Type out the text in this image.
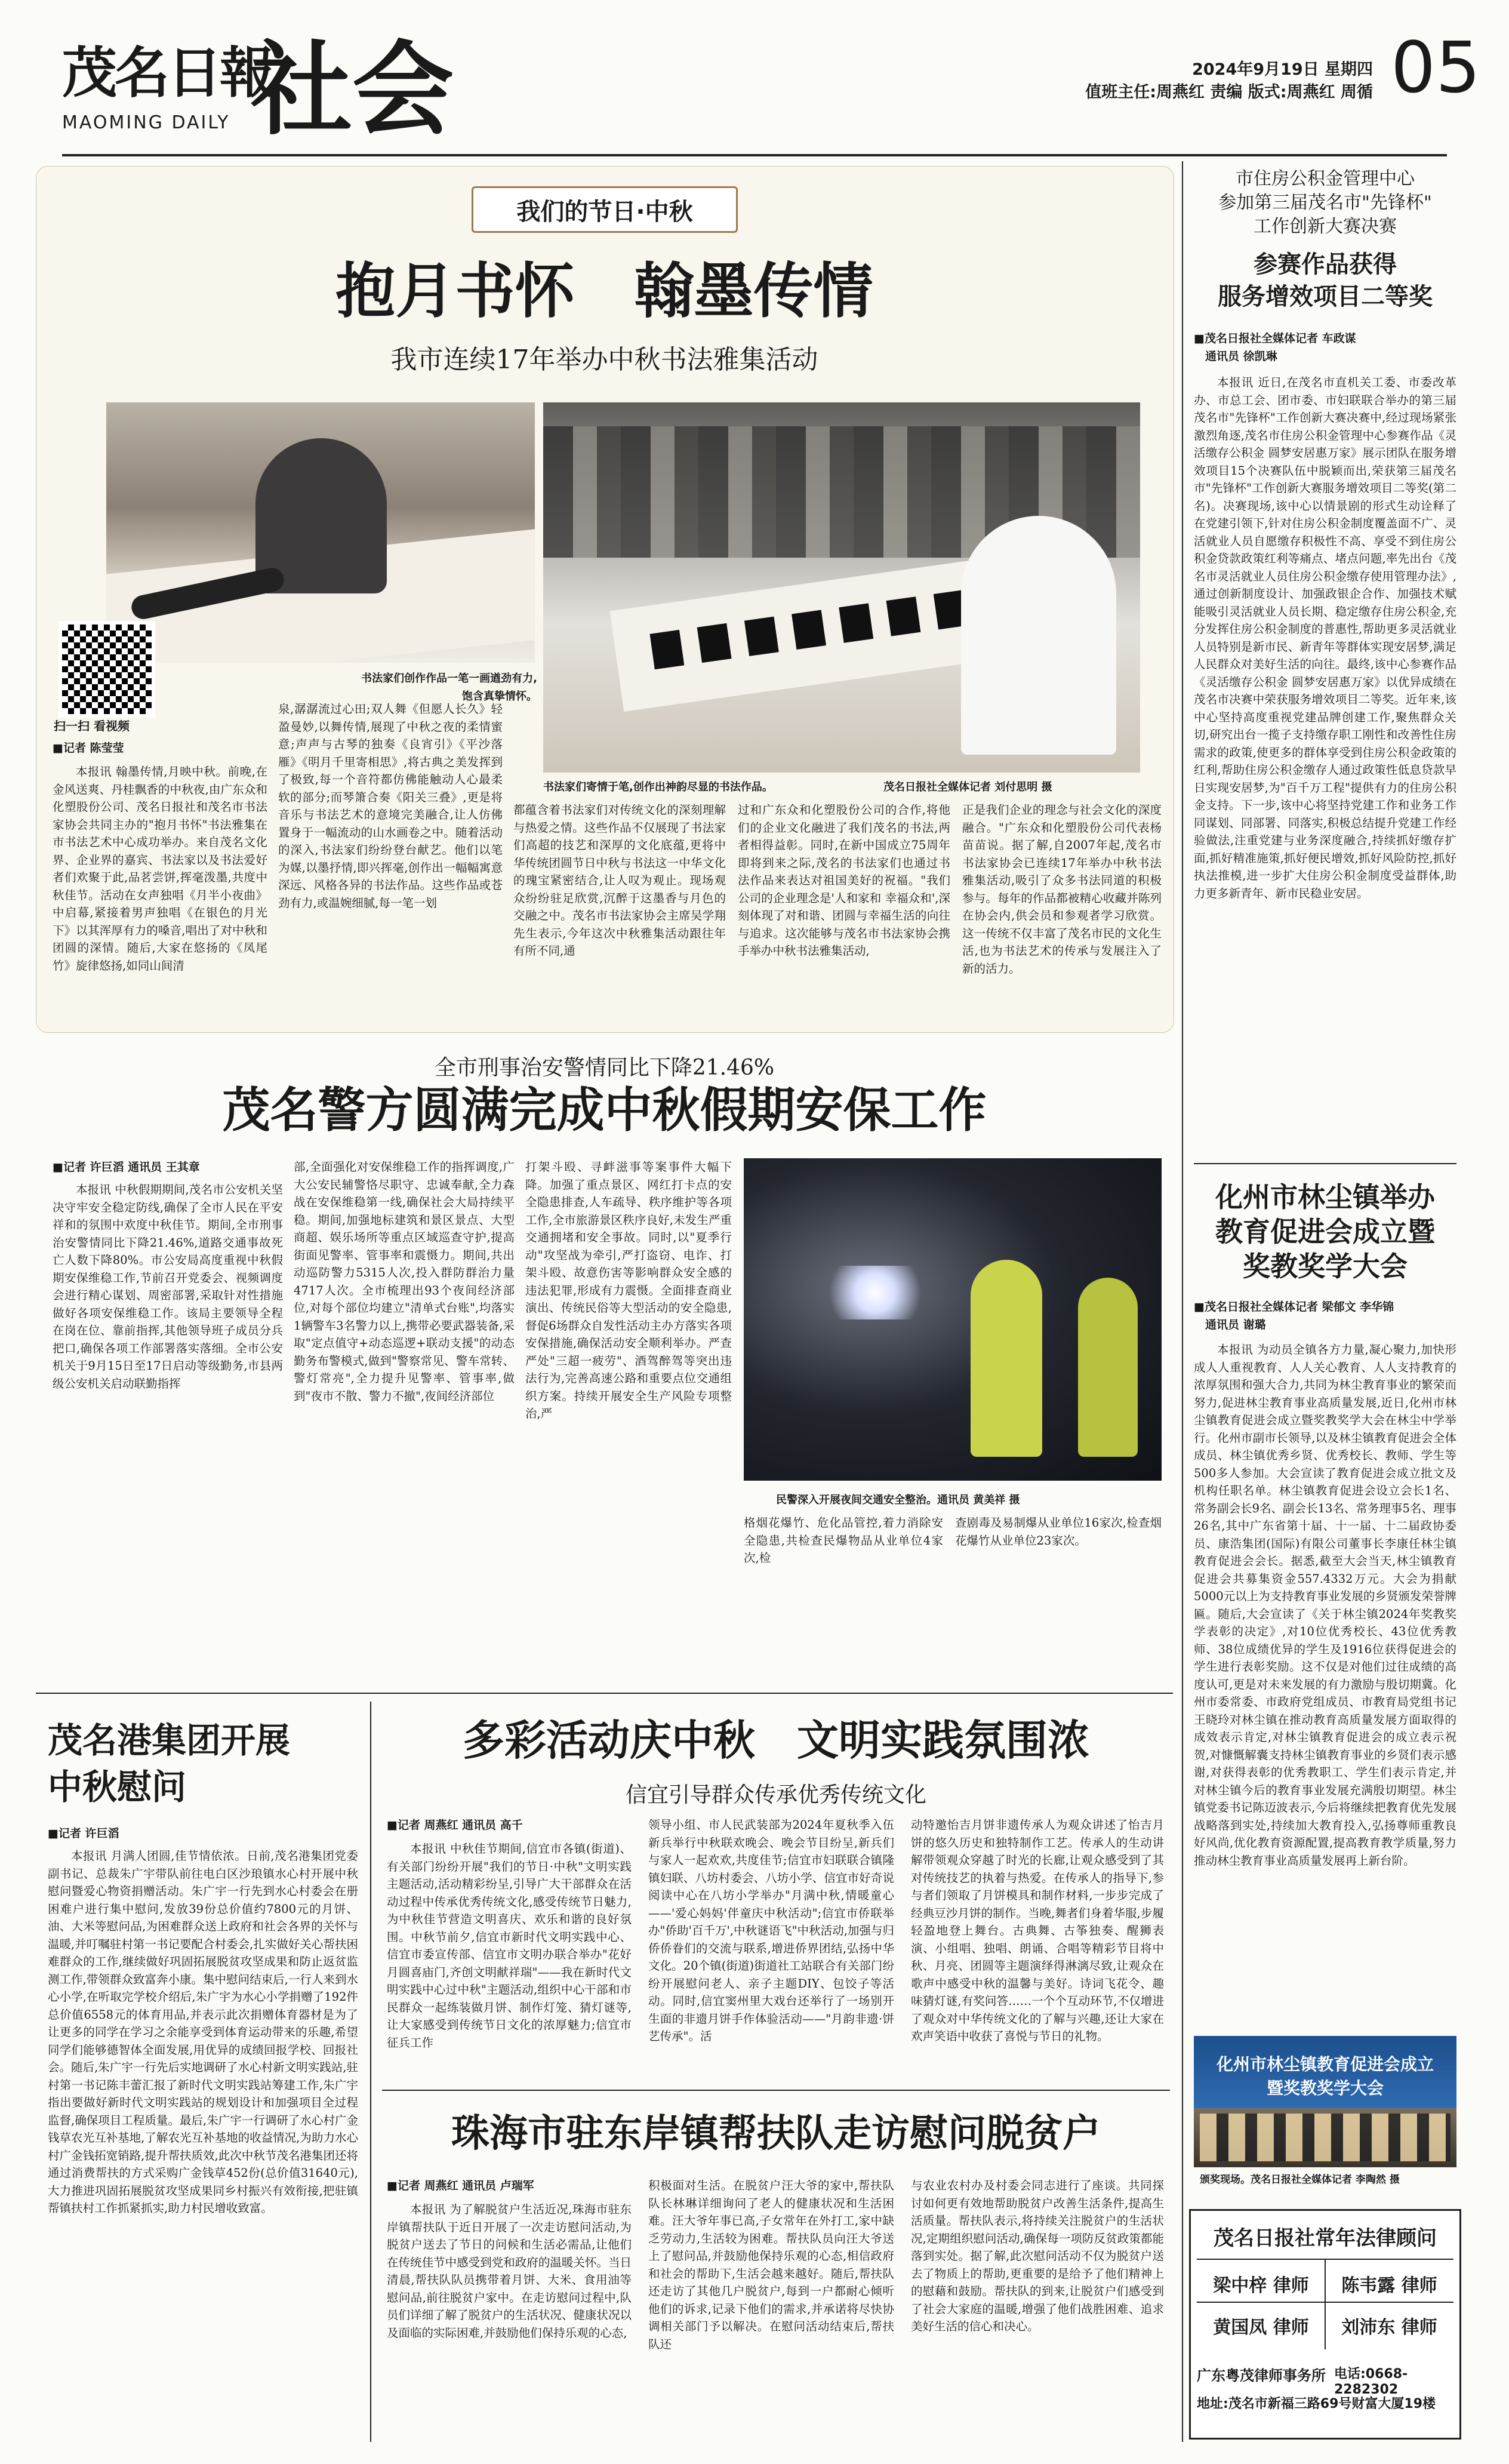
茂名日報
MAOMING DAILY 社会	2024年9月19日 星期四
值班主任:周燕红 责编 版式:周燕红 周循 05
我们的节日·中秋
抱月书怀　翰墨传情
我市连续17年举办中秋书法雅集活动
扫一扫 看视频
书法家们创作作品一笔一画遒劲有力,
饱含真挚情怀。
书法家们寄情于笔,创作出神韵尽显的书法作品。	茂名日报社全媒体记者 刘付思明 摄
■记者 陈莹莹
本报讯 翰墨传情,月映中秋。前晚,在金风送爽、丹桂飘香的中秋夜,由广东众和化塑股份公司、茂名日报社和茂名市书法家协会共同主办的"抱月书怀"书法雅集在市书法艺术中心成功举办。来自茂名文化界、企业界的嘉宾、书法家以及书法爱好者们欢聚于此,品茗尝饼,挥毫泼墨,共度中秋佳节。活动在女声独唱《月半小夜曲》中启幕,紧接着男声独唱《在银色的月光下》以其浑厚有力的嗓音,唱出了对中秋和团圆的深情。随后,大家在悠扬的《凤尾竹》旋律悠扬,如同山间清
泉,潺潺流过心田;双人舞《但愿人长久》轻盈曼妙,以舞传情,展现了中秋之夜的柔情蜜意;声声与古琴的独奏《良宵引》《平沙落雁》《明月千里寄相思》,将古典之美发挥到了极致,每一个音符都仿佛能触动人心最柔软的部分;而琴箫合奏《阳关三叠》,更是将音乐与书法艺术的意境完美融合,让人仿佛置身于一幅流动的山水画卷之中。随着活动的深入,书法家们纷纷登台献艺。他们以笔为媒,以墨抒情,即兴挥毫,创作出一幅幅寓意深远、风格各异的书法作品。这些作品或苍劲有力,或温婉细腻,每一笔一划
都蕴含着书法家们对传统文化的深刻理解与热爱之情。这些作品不仅展现了书法家们高超的技艺和深厚的文化底蕴,更将中华传统团圆节日中秋与书法这一中华文化的瑰宝紧密结合,让人叹为观止。现场观众纷纷驻足欣赏,沉醉于这墨香与月色的交融之中。茂名市书法家协会主席吴学翔先生表示,今年这次中秋雅集活动跟往年有所不同,通
过和广东众和化塑股份公司的合作,将他们的企业文化融进了我们茂名的书法,两者相得益彰。同时,在新中国成立75周年即将到来之际,茂名的书法家们也通过书法作品来表达对祖国美好的祝福。"我们公司的企业理念是'人和家和 幸福众和',深刻体现了对和谐、团圆与幸福生活的向往与追求。这次能够与茂名市书法家协会携手举办中秋书法雅集活动,
正是我们企业的理念与社会文化的深度融合。"广东众和化塑股份公司代表杨苗苗说。据了解,自2007年起,茂名市书法家协会已连续17年举办中秋书法雅集活动,吸引了众多书法同道的积极参与。每年的作品都被精心收藏并陈列在协会内,供会员和参观者学习欣赏。这一传统不仅丰富了茂名市民的文化生活,也为书法艺术的传承与发展注入了新的活力。
全市刑事治安警情同比下降21.46%
茂名警方圆满完成中秋假期安保工作
■记者 许巨滔 通讯员 王其章
本报讯 中秋假期期间,茂名市公安机关坚决守牢安全稳定防线,确保了全市人民在平安祥和的氛围中欢度中秋佳节。期间,全市刑事治安警情同比下降21.46%,道路交通事故死亡人数下降80%。市公安局高度重视中秋假期安保维稳工作,节前召开党委会、视频调度会进行精心谋划、周密部署,采取针对性措施做好各项安保维稳工作。该局主要领导全程在岗在位、靠前指挥,其他领导班子成员分兵把口,确保各项工作部署落实落细。全市公安机关于9月15日至17日启动等级勤务,市县两级公安机关启动联勤指挥
部,全面强化对安保维稳工作的指挥调度,广大公安民辅警恪尽职守、忠诚奉献,全力森战在安保维稳第一线,确保社会大局持续平稳。期间,加强地标建筑和景区景点、大型商超、娱乐场所等重点区域巡查守护,提高街面见警率、管事率和震慑力。期间,共出动巡防警力5315人次,投入群防群治力量4717人次。全市梳理出93个夜间经济部位,对每个部位均建立"清单式台账",均落实1辆警车3名警力以上,携带必要武器装备,采取"定点值守+动态巡逻+联动支援"的动态勤务布警模式,做到"警察常见、警车常转、警灯常亮",全力提升见警率、管事率,做到"夜市不散、警力不撤",夜间经济部位
打架斗殴、寻衅滋事等案事件大幅下降。加强了重点景区、网红打卡点的安全隐患排查,人车疏导、秩序维护等各项工作,全市旅游景区秩序良好,未发生严重交通拥堵和安全事故。同时,以"夏季行动"攻坚战为牵引,严打盗窃、电诈、打架斗殴、故意伤害等影响群众安全感的违法犯罪,形成有力震慑。全面排查商业演出、传统民俗等大型活动的安全隐患,督促6场群众自发性活动主办方落实各项安保措施,确保活动安全顺利举办。严查严处"三超一疲劳"、酒驾醉驾等突出违法行为,完善高速公路和重要点位交通组织方案。持续开展安全生产风险专项整治,严
民警深入开展夜间交通安全整治。通讯员 黄美祥 摄
格烟花爆竹、危化品管控,着力消除安全隐患,共检查民爆物品从业单位4家次,检
查剧毒及易制爆从业单位16家次,检查烟花爆竹从业单位23家次。
茂名港集团开展
中秋慰问
■记者 许巨滔
本报讯 月满人团圆,佳节情依浓。日前,茂名港集团党委副书记、总裁朱广宇带队前往电白区沙琅镇水心村开展中秋慰问暨爱心物资捐赠活动。朱广宇一行先到水心村委会在册困难户进行集中慰问,发放39份总价值约7800元的月饼、油、大米等慰问品,为困难群众送上政府和社会各界的关怀与温暖,并叮嘱驻村第一书记要配合村委会,扎实做好关心帮扶困难群众的工作,继续做好巩固拓展脱贫攻坚成果和防止返贫监测工作,带领群众致富奔小康。集中慰问结束后,一行人来到水心小学,在听取完学校介绍后,朱广宇为水心小学捐赠了192件总价值6558元的体育用品,并表示此次捐赠体育器材是为了让更多的同学在学习之余能享受到体育运动带来的乐趣,希望同学们能够德智体全面发展,用优异的成绩回报学校、回报社会。随后,朱广宇一行先后实地调研了水心村新文明实践站,驻村第一书记陈丰蕾汇报了新时代文明实践站筹建工作,朱广宇指出要做好新时代文明实践站的规划设计和加强项目全过程监督,确保项目工程质量。最后,朱广宇一行调研了水心村广金钱草农光互补基地,了解农光互补基地的收益情况,为助力水心村广金钱拓宽销路,提升帮扶质效,此次中秋节茂名港集团还将通过消费帮扶的方式采购广金钱草452份(总价值31640元),大力推进巩固拓展脱贫攻坚成果同乡村振兴有效衔接,把驻镇帮镇扶村工作抓紧抓实,助力村民增收致富。
多彩活动庆中秋　文明实践氛围浓
信宜引导群众传承优秀传统文化
■记者 周燕红 通讯员 高千
本报讯 中秋佳节期间,信宜市各镇(街道)、有关部门纷纷开展"我们的节日·中秋"文明实践主题活动,活动精彩纷呈,引导广大干部群众在活动过程中传承优秀传统文化,感受传统节日魅力,为中秋佳节营造文明喜庆、欢乐和谐的良好氛围。中秋节前夕,信宜市新时代文明实践中心、信宜市委宣传部、信宜市文明办联合举办"花好月圆喜庙门,齐创文明献祥瑞"——我在新时代文明实践中心过中秋"主题活动,组织中心干部和市民群众一起练装做月饼、制作灯笼、猜灯谜等,让大家感受到传统节日文化的浓厚魅力;信宜市征兵工作
领导小组、市人民武装部为2024年夏秋季入伍新兵举行中秋联欢晚会、晚会节目纷呈,新兵们与家人一起欢欢,共度佳节;信宜市妇联联合镇隆镇妇联、八坊村委会、八坊小学、信宜市好奇说阅读中心在八坊小学举办"月满中秋,情暖童心——'爱心妈妈'伴童庆中秋活动";信宜市侨联举办"侨助'百千万',中秋谜语飞"中秋活动,加强与归侨侨眷们的交流与联系,增进侨界团结,弘扬中华文化。20个镇(街道)街道社工站联合有关部门纷纷开展慰问老人、亲子主题DIY、包饺子等活动。同时,信宜窦州里大戏台还举行了一场别开生面的非遗月饼手作体验活动——"月韵非遗·饼艺传承"。活
动特邀怡吉月饼非遗传承人为观众讲述了怡吉月饼的悠久历史和独特制作工艺。传承人的生动讲解带领观众穿越了时光的长廊,让观众感受到了其对传统技艺的执着与热爱。在传承人的指导下,参与者们领取了月饼模具和制作材料,一步步完成了经典豆沙月饼的制作。当晚,舞者们身着华服,步履轻盈地登上舞台。古典舞、古筝独奏、醒狮表演、小组唱、独唱、朗诵、合唱等精彩节目将中秋、月亮、团圆等主题演绎得淋漓尽致,让观众在歌声中感受中秋的温馨与美好。诗词飞花令、趣味猜灯谜,有奖问答……一个个互动环节,不仅增进了观众对中华传统文化的了解与兴趣,还让大家在欢声笑语中收获了喜悦与节日的礼物。
珠海市驻东岸镇帮扶队走访慰问脱贫户
■记者 周燕红 通讯员 卢瑞军
本报讯 为了解脱贫户生活近况,珠海市驻东岸镇帮扶队于近日开展了一次走访慰问活动,为脱贫户送去了节日的问候和生活必需品,让他们在传统佳节中感受到党和政府的温暖关怀。当日清晨,帮扶队队员携带着月饼、大米、食用油等慰问品,前往脱贫户家中。在走访慰问过程中,队员们详细了解了脱贫户的生活状况、健康状况以及面临的实际困难,并鼓励他们保持乐观的心态,
积极面对生活。在脱贫户汪大爷的家中,帮扶队队长林琳详细询问了老人的健康状况和生活困难。汪大爷年事已高,子女常年在外打工,家中缺乏劳动力,生活较为困难。帮扶队员向汪大爷送上了慰问品,并鼓励他保持乐观的心态,相信政府和社会的帮助下,生活会越来越好。随后,帮扶队还走访了其他几户脱贫户,每到一户都耐心倾听他们的诉求,记录下他们的需求,并承诺将尽快协调相关部门予以解决。在慰问活动结束后,帮扶队还
与农业农村办及村委会同志进行了座谈。共同探讨如何更有效地帮助脱贫户改善生活条件,提高生活质量。帮扶队表示,将持续关注脱贫户的生活状况,定期组织慰问活动,确保每一项防反贫政策都能落到实处。据了解,此次慰问活动不仅为脱贫户送去了物质上的帮助,更重要的是给予了他们精神上的慰藉和鼓励。帮扶队的到来,让脱贫户们感受到了社会大家庭的温暖,增强了他们战胜困难、追求美好生活的信心和决心。
市住房公积金管理中心
参加第三届茂名市"先锋杯"
工作创新大赛决赛
参赛作品获得
服务增效项目二等奖
■茂名日报社全媒体记者 车政谋
　通讯员 徐凯琳
本报讯 近日,在茂名市直机关工委、市委改革办、市总工会、团市委、市妇联联合举办的第三届茂名市"先锋杯"工作创新大赛决赛中,经过现场紧张激烈角逐,茂名市住房公积金管理中心参赛作品《灵活缴存公积金 圆梦安居惠万家》展示团队在服务增效项目15个决赛队伍中脱颖而出,荣获第三届茂名市"先锋杯"工作创新大赛服务增效项目二等奖(第二名)。决赛现场,该中心以情景剧的形式生动诠释了在党建引领下,针对住房公积金制度覆盖面不广、灵活就业人员自愿缴存积极性不高、享受不到住房公积金贷款政策红利等痛点、堵点问题,率先出台《茂名市灵活就业人员住房公积金缴存使用管理办法》,通过创新制度设计、加强政银企合作、加强技术赋能吸引灵活就业人员长期、稳定缴存住房公积金,充分发挥住房公积金制度的普惠性,帮助更多灵活就业人员特别是新市民、新青年等群体实现安居梦,满足人民群众对美好生活的向往。最终,该中心参赛作品《灵活缴存公积金 圆梦安居惠万家》以优异成绩在茂名市决赛中荣获服务增效项目二等奖。近年来,该中心坚持高度重视党建品牌创建工作,聚焦群众关切,研究出台一揽子支持缴存职工刚性和改善性住房需求的政策,使更多的群体享受到住房公积金政策的红利,帮助住房公积金缴存人通过政策性低息贷款早日实现安居梦,为"百千万工程"提供有力的住房公积金支持。下一步,该中心将坚持党建工作和业务工作同谋划、同部署、同落实,积极总结提升党建工作经验做法,注重党建与业务深度融合,持续抓好缴存扩面,抓好精准施策,抓好便民增效,抓好风险防控,抓好执法推模,进一步扩大住房公积金制度受益群体,助力更多新青年、新市民稳业安居。
化州市林尘镇举办
教育促进会成立暨
奖教奖学大会
■茂名日报社全媒体记者 梁郁文 李华锦
　通讯员 谢璐
本报讯 为动员全镇各方力量,凝心聚力,加快形成人人重视教育、人人关心教育、人人支持教育的浓厚氛围和强大合力,共同为林尘教育事业的繁荣而努力,促进林尘教育事业高质量发展,近日,化州市林尘镇教育促进会成立暨奖教奖学大会在林尘中学举行。化州市副市长领导,以及林尘镇教育促进会全体成员、林尘镇优秀乡贤、优秀校长、教师、学生等500多人参加。大会宣读了教育促进会成立批文及机构任职名单。林尘镇教育促进会设立会长1名、常务副会长9名、副会长13名、常务理事5名、理事26名,其中广东省第十届、十一届、十二届政协委员、康浩集团(国际)有限公司董事长李康任林尘镇教育促进会会长。据悉,截至大会当天,林尘镇教育促进会共募集资金557.4332万元。大会为捐献5000元以上为支持教育事业发展的乡贤颁发荣誉牌匾。随后,大会宣读了《关于林尘镇2024年奖教奖学表彰的决定》,对10位优秀校长、43位优秀教师、38位成绩优异的学生及1916位获得促进会的学生进行表彰奖励。这不仅是对他们过往成绩的高度认可,更是对未来发展的有力激励与殷切期冀。化州市委常委、市政府党组成员、市教育局党组书记王晓玲对林尘镇在推动教育高质量发展方面取得的成效表示肯定,对林尘镇教育促进会的成立表示祝贺,对慷慨解囊支持林尘镇教育事业的乡贤们表示感谢,对获得表彰的优秀教职工、学生们表示肯定,并对林尘镇今后的教育事业发展充满殷切期望。林尘镇党委书记陈迈波表示,今后将继续把教育优先发展战略落到实处,持续加大教育投入,弘扬尊师重教良好风尚,优化教育资源配置,提高教育教学质量,努力推动林尘教育事业高质量发展再上新台阶。
化州市林尘镇教育促进会成立
暨奖教奖学大会
颁奖现场。茂名日报社全媒体记者 李陶然 摄
茂名日报社常年法律顾问
梁中梓 律师	陈韦露 律师
黄国凤 律师	刘沛东 律师
广东粤茂律师事务所 电话:0668-2282302
地址:茂名市新福三路69号财富大厦19楼
